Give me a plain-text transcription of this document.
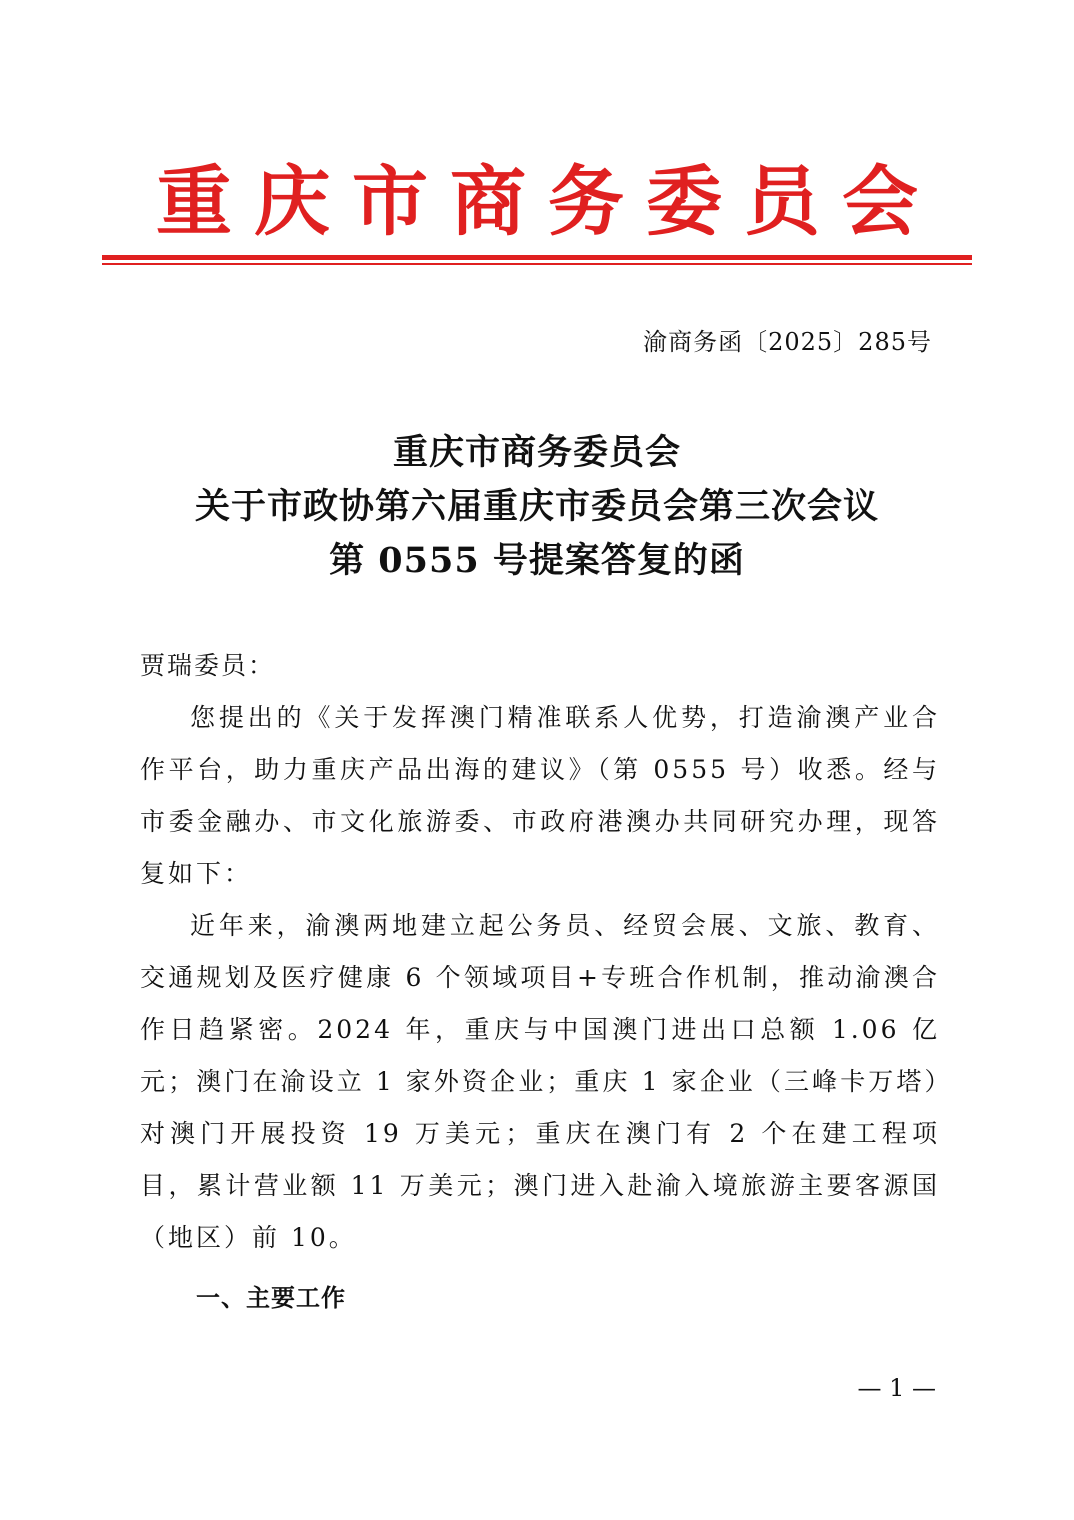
重庆市商务委员会
渝商务函〔2025〕285号
重庆市商务委员会
关于市政协第六届重庆市委员会第三次会议
第 0555 号提案答复的函

贾瑞委员：

您提出的《关于发挥澳门精准联系人优势，打造渝澳产业合作平台，助力重庆产品出海的建议》（第 0555 号）收悉。经与市委金融办、市文化旅游委、市政府港澳办共同研究办理，现答复如下：

近年来，渝澳两地建立起公务员、经贸会展、文旅、教育、交通规划及医疗健康 6 个领域项目+专班合作机制，推动渝澳合作日趋紧密。2024 年，重庆与中国澳门进出口总额 1.06 亿元；澳门在渝设立 1 家外资企业；重庆 1 家企业（三峰卡万塔）对澳门开展投资 19 万美元；重庆在澳门有 2 个在建工程项目，累计营业额 11 万美元；澳门进入赴渝入境旅游主要客源国（地区）前 10。

一、主要工作

— 1 —
